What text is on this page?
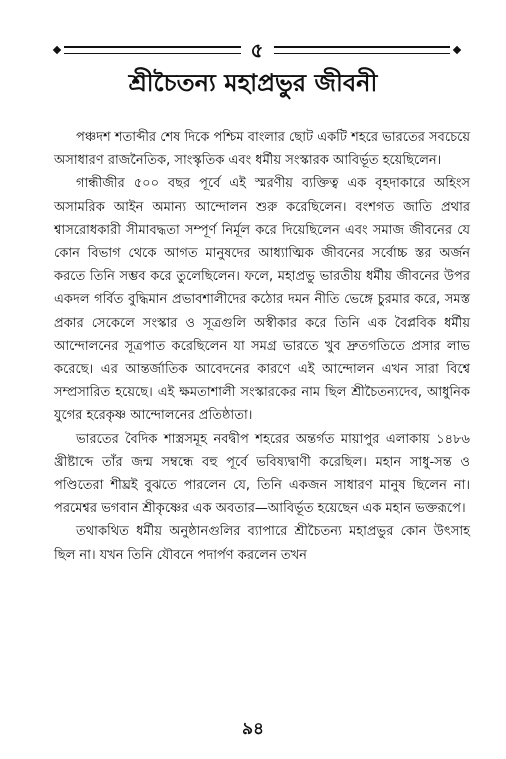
৫
শ্রীচৈতন্য মহাপ্রভুর জীবনী

পঞ্চদশ শতাব্দীর শেষ দিকে পশ্চিম বাংলার ছোট একটি শহরে ভারতের সবচেয়ে অসাধারণ রাজনৈতিক, সাংস্কৃতিক এবং ধর্মীয় সংস্কারক আবির্ভূত হয়েছিলেন।

গান্ধীজীর ৫০০ বছর পূর্বে এই স্মরণীয় ব্যক্তিত্ব এক বৃহদাকারে অহিংস অসামরিক আইন অমান্য আন্দোলন শুরু করেছিলেন। বংশগত জাতি প্রথার শ্বাসরোধকারী সীমাবদ্ধতা সম্পূর্ণ নির্মূল করে দিয়েছিলেন এবং সমাজ জীবনের যে কোন বিভাগ থেকে আগত মানুষদের আধ্যাত্মিক জীবনের সর্বোচ্চ স্তর অর্জন করতে তিনি সম্ভব করে তুলেছিলেন। ফলে, মহাপ্রভু ভারতীয় ধর্মীয় জীবনের উপর একদল গর্বিত বুদ্ধিমান প্রভাবশালীদের কঠোর দমন নীতি ভেঙ্গে চুরমার করে, সমস্ত প্রকার সেকেলে সংস্কার ও সূত্রগুলি অস্বীকার করে তিনি এক বৈপ্লবিক ধর্মীয় আন্দোলনের সূত্রপাত করেছিলেন যা সমগ্র ভারতে খুব দ্রুতগতিতে প্রসার লাভ করেছে। এর আন্তর্জাতিক আবেদনের কারণে এই আন্দোলন এখন সারা বিশ্বে সম্প্রসারিত হয়েছে। এই ক্ষমতাশালী সংস্কারকের নাম ছিল শ্রীচৈতন্যদেব, আধুনিক যুগের হরেকৃষ্ণ আন্দোলনের প্রতিষ্ঠাতা।

ভারতের বৈদিক শাস্ত্রসমূহ নবদ্বীপ শহরের অন্তর্গত মায়াপুর এলাকায় ১৪৮৬ খ্রীষ্টাব্দে তাঁর জন্ম সম্বন্ধে বহু পূর্বে ভবিষ্যদ্বাণী করেছিল। মহান সাধু-সন্ত ও পণ্ডিতেরা শীঘ্রই বুঝতে পারলেন যে, তিনি একজন সাধারণ মানুষ ছিলেন না। পরমেশ্বর ভগবান শ্রীকৃষ্ণের এক অবতার—আবির্ভূত হয়েছেন এক মহান ভক্তরূপে।

তথাকথিত ধর্মীয় অনুষ্ঠানগুলির ব্যাপারে শ্রীচৈতন্য মহাপ্রভুর কোন উৎসাহ ছিল না। যখন তিনি যৌবনে পদার্পণ করলেন তখন

৯৪
